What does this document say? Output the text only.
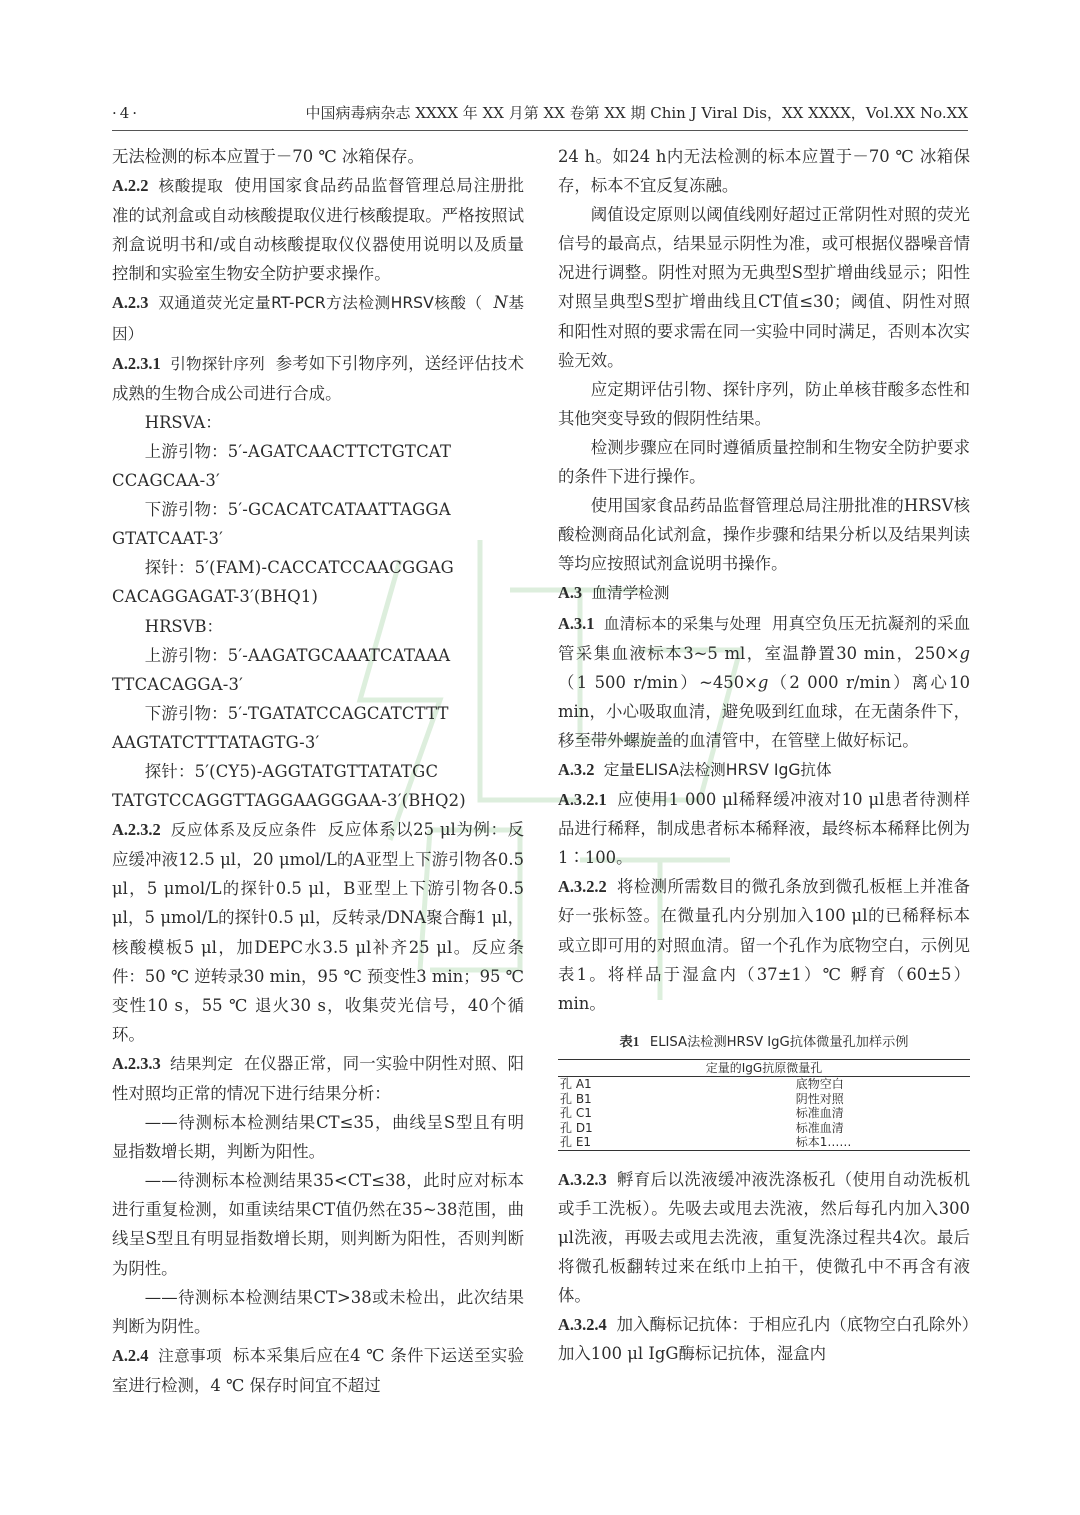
·4·	中国病毒病杂志 XXXX 年 XX 月第 XX 卷第 XX 期 Chin J Viral Dis，XX XXXX，Vol.XX No.XX

无法检测的标本应置于－70 ℃ 冰箱保存。

A.2.2 核酸提取 使用国家食品药品监督管理总局注册批准的试剂盒或自动核酸提取仪进行核酸提取。严格按照试剂盒说明书和/或自动核酸提取仪仪器使用说明以及质量控制和实验室生物安全防护要求操作。

A.2.3 双通道荧光定量RT-PCR方法检测HRSV核酸（ N基因）

A.2.3.1 引物探针序列 参考如下引物序列，送经评估技术成熟的生物合成公司进行合成。

HRSVA：

上游引物：5′-AGATCAACTTCTGTCAT

CCAGCAA-3′

下游引物：5′-GCACATCATAATTAGGA

GTATCAAT-3′

探针：5′(FAM)-CACCATCCAACGGAG

CACAGGAGAT-3′(BHQ1)

HRSVB：

上游引物：5′-AAGATGCAAATCATAAA

TTCACAGGA-3′

下游引物：5′-TGATATCCAGCATCTTT

AAGTATCTTTATAGTG-3′

探针：5′(CY5)-AGGTATGTTATATGC

TATGTCCAGGTTAGGAAGGGAA-3′(BHQ2)

A.2.3.2 反应体系及反应条件 反应体系以25 μl为例：反应缓冲液12.5 μl，20 μmol/L的A亚型上下游引物各0.5 μl，5 μmol/L的探针0.5 μl，B亚型上下游引物各0.5 μl，5 μmol/L的探针0.5 μl，反转录/DNA聚合酶1 μl，核酸模板5 μl，加DEPC水3.5 μl补齐25 μl。反应条件：50 ℃ 逆转录30 min，95 ℃ 预变性3 min；95 ℃ 变性10 s，55 ℃ 退火30 s，收集荧光信号，40个循环。

A.2.3.3 结果判定 在仪器正常，同一实验中阴性对照、阳性对照均正常的情况下进行结果分析：

——待测标本检测结果CT≤35，曲线呈S型且有明显指数增长期，判断为阳性。

——待测标本检测结果35<CT≤38，此时应对标本进行重复检测，如重读结果CT值仍然在35~38范围，曲线呈S型且有明显指数增长期，则判断为阳性，否则判断为阴性。

——待测标本检测结果CT>38或未检出，此次结果判断为阴性。

A.2.4 注意事项 标本采集后应在4 ℃ 条件下运送至实验室进行检测，4 ℃ 保存时间宜不超过

24 h。如24 h内无法检测的标本应置于－70 ℃ 冰箱保存，标本不宜反复冻融。

阈值设定原则以阈值线刚好超过正常阴性对照的荧光信号的最高点，结果显示阴性为准，或可根据仪器噪音情况进行调整。阴性对照为无典型S型扩增曲线显示；阳性对照呈典型S型扩增曲线且CT值≤30；阈值、阴性对照和阳性对照的要求需在同一实验中同时满足，否则本次实验无效。

应定期评估引物、探针序列，防止单核苷酸多态性和其他突变导致的假阴性结果。

检测步骤应在同时遵循质量控制和生物安全防护要求的条件下进行操作。

使用国家食品药品监督管理总局注册批准的HRSV核酸检测商品化试剂盒，操作步骤和结果分析以及结果判读等均应按照试剂盒说明书操作。

A.3 血清学检测

A.3.1 血清标本的采集与处理 用真空负压无抗凝剂的采血管采集血液标本3~5 ml，室温静置30 min，250×g（1 500 r/min）~450×g（2 000 r/min）离心10 min，小心吸取血清，避免吸到红血球，在无菌条件下，移至带外螺旋盖的血清管中，在管壁上做好标记。

A.3.2 定量ELISA法检测HRSV IgG抗体

A.3.2.1 应使用1 000 μl稀释缓冲液对10 μl患者待测样品进行稀释，制成患者标本稀释液，最终标本稀释比例为1∶100。

A.3.2.2 将检测所需数目的微孔条放到微孔板框上并准备好一张标签。在微量孔内分别加入100 μl的已稀释标本或立即可用的对照血清。留一个孔作为底物空白，示例见表1。将样品于湿盒内（37±1）℃ 孵育（60±5）min。

表1 ELISA法检测HRSV IgG抗体微量孔加样示例
定量的IgG抗原微量孔	
孔 A1	底物空白
孔 B1	阴性对照
孔 C1	标准血清
孔 D1	标准血清
孔 E1	标本1……

A.3.2.3 孵育后以洗液缓冲液洗涤板孔（使用自动洗板机或手工洗板）。先吸去或甩去洗液，然后每孔内加入300 μl洗液，再吸去或甩去洗液，重复洗涤过程共4次。最后将微孔板翻转过来在纸巾上拍干，使微孔中不再含有液体。

A.3.2.4 加入酶标记抗体：于相应孔内（底物空白孔除外）加入100 μl IgG酶标记抗体，湿盒内
